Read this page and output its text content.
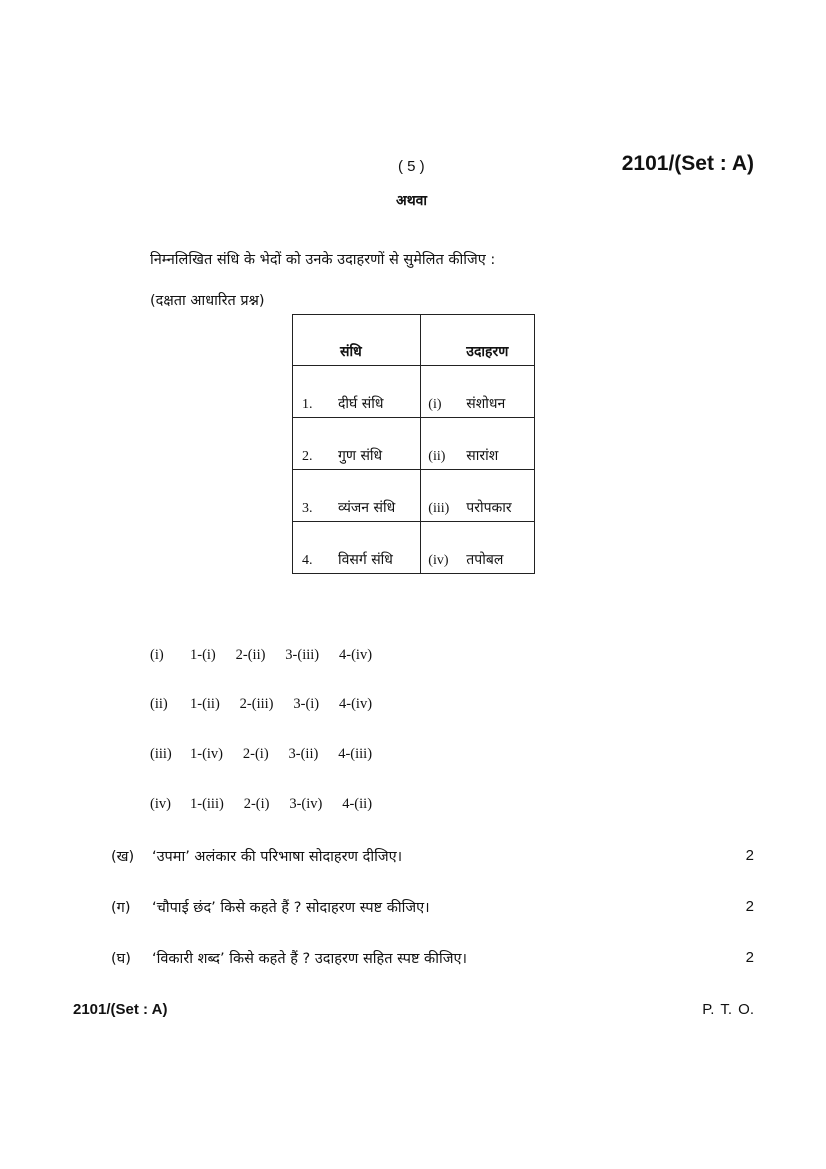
( 5 )	2101/(Set : A)
अथवा
निम्नलिखित संधि के भेदों को उनके उदाहरणों से सुमेलित कीजिए :
(दक्षता आधारित प्रश्न)
संधि	उदाहरण
1. दीर्घ संधि	(i) संशोधन
2. गुण संधि	(ii) सारांश
3. व्यंजन संधि	(iii) परोपकार
4. विसर्ग संधि	(iv) तपोबल
(i) 1-(i)   2-(ii)   3-(iii)   4-(iv)
(ii) 1-(ii)   2-(iii)   3-(i)   4-(iv)
(iii) 1-(iv)   2-(i)   3-(ii)   4-(iii)
(iv) 1-(iii)   2-(i)   3-(iv)   4-(ii)
(ख) ‘उपमा’ अलंकार की परिभाषा सोदाहरण दीजिए।	2
(ग) ‘चौपाई छंद’ किसे कहते हैं ? सोदाहरण स्पष्ट कीजिए।	2
(घ) ‘विकारी शब्द’ किसे कहते हैं ? उदाहरण सहित स्पष्ट कीजिए।	2
2101/(Set : A)	P. T. O.
